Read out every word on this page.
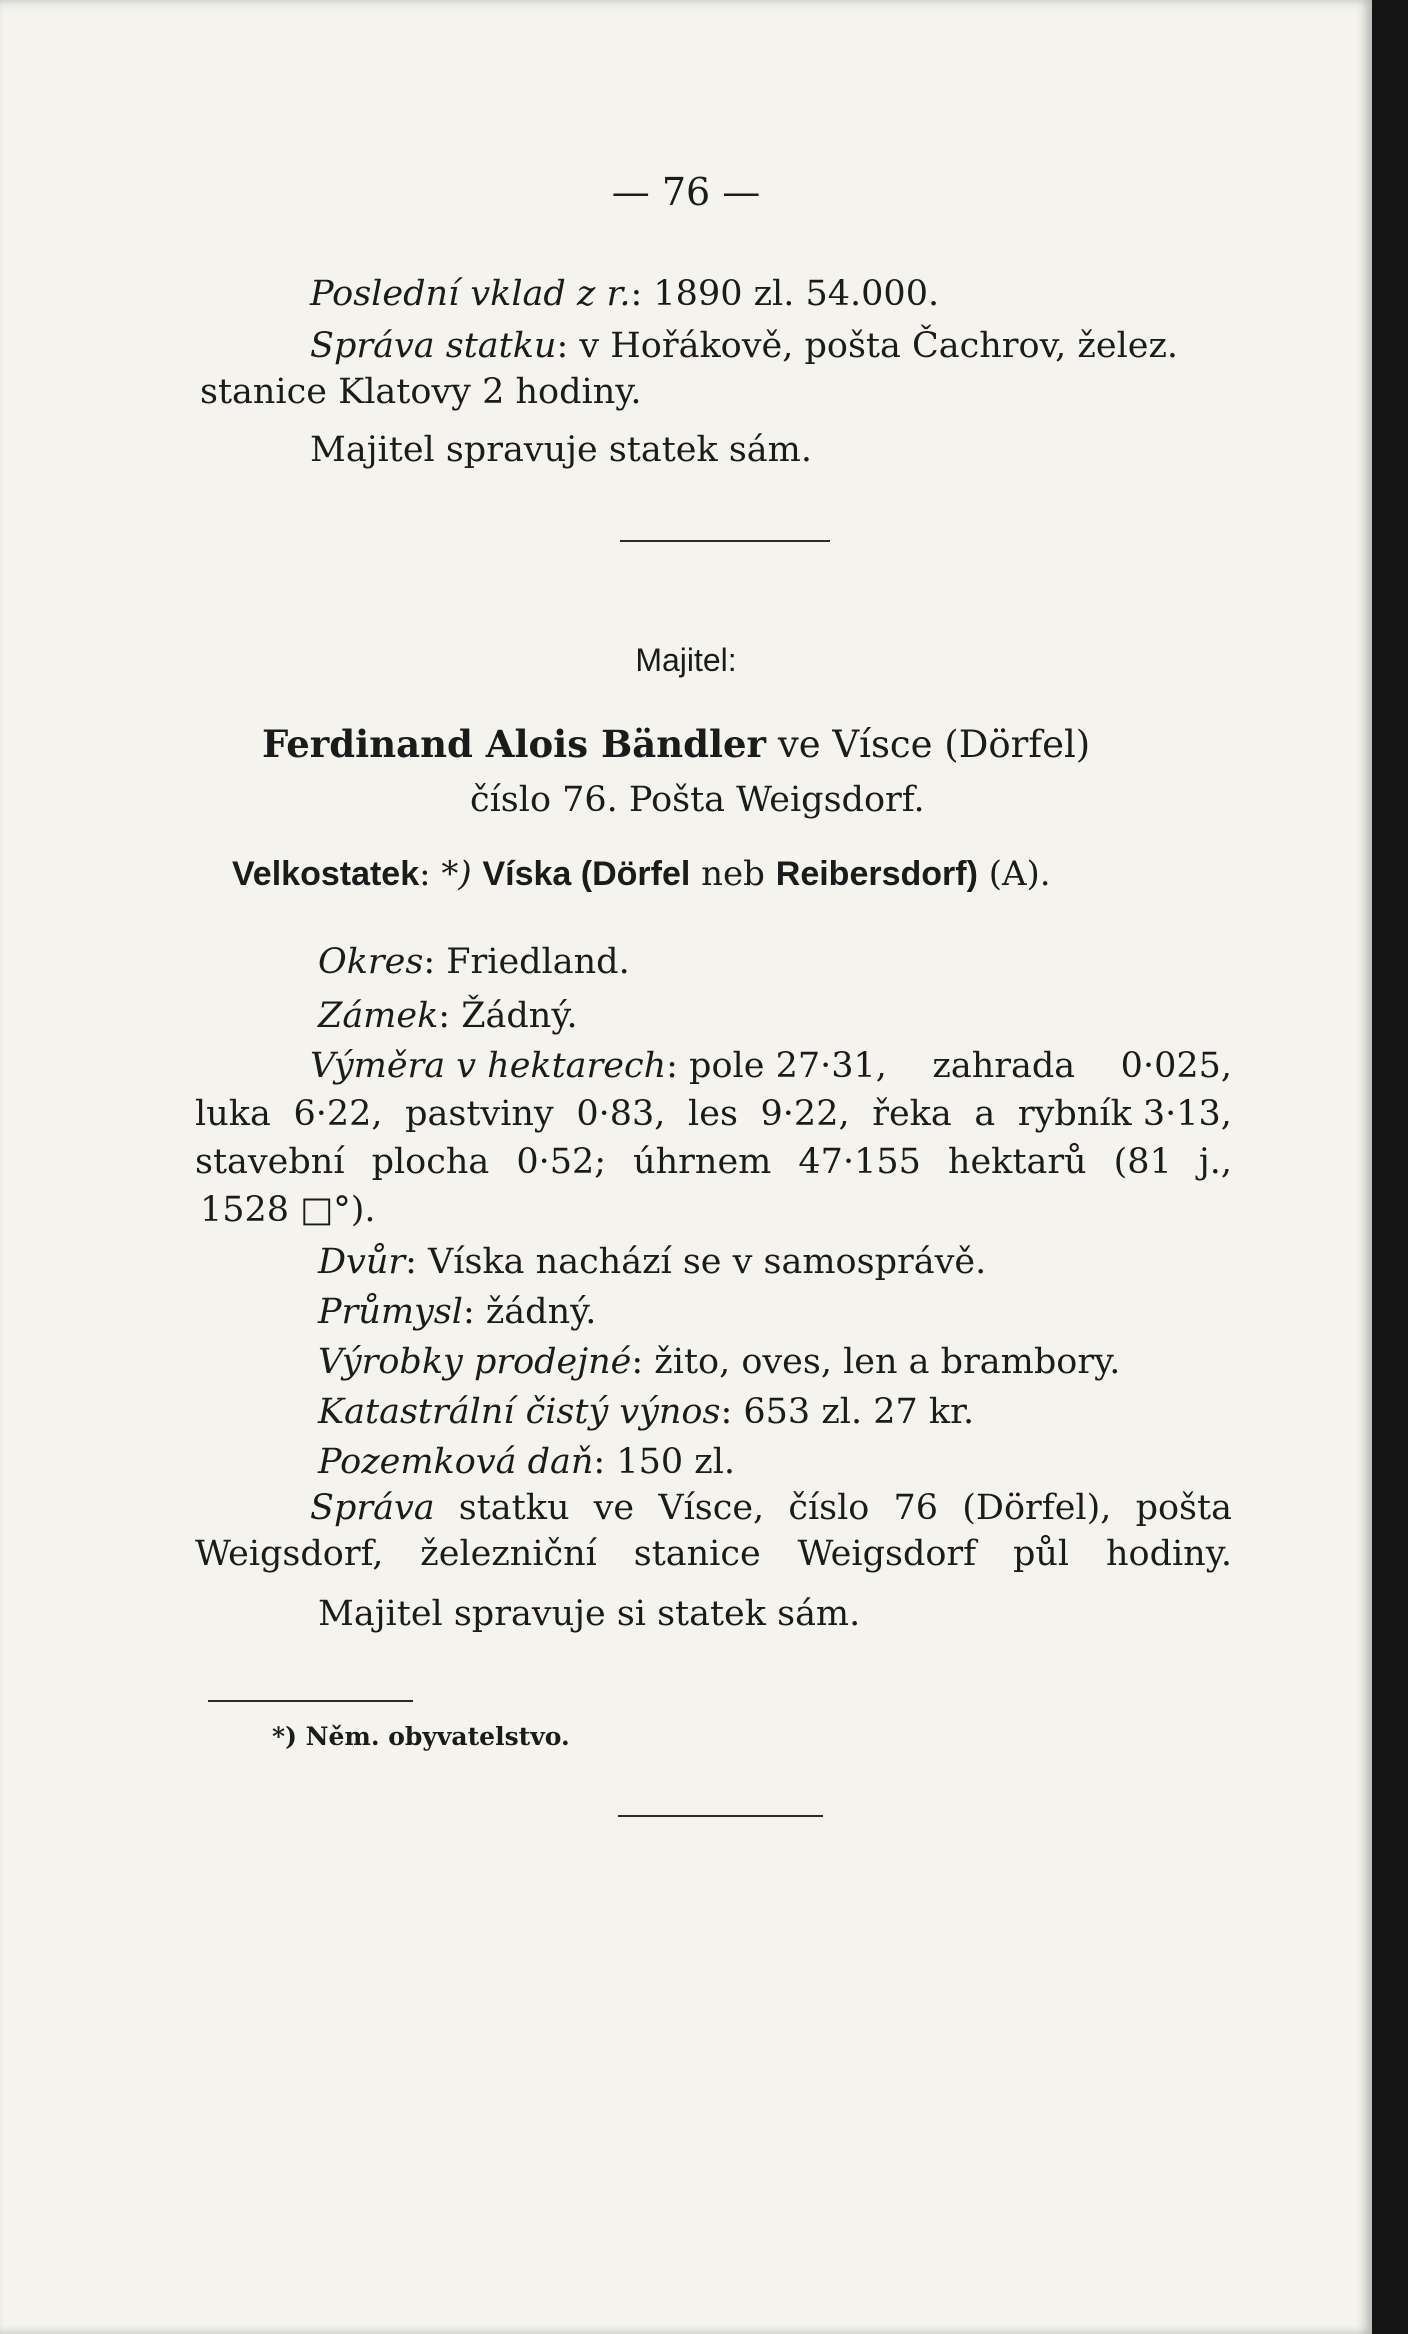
— 76 —
Poslední vklad z r.: 1890 zl. 54.000.
Správa statku: v Hořákově, pošta Čachrov, želez.
stanice Klatovy 2 hodiny.
Majitel spravuje statek sám.
Majitel:
Ferdinand Alois Bändler ve Vísce (Dörfel)
číslo 76. Pošta Weigsdorf.
Velkostatek: *) Víska (Dörfel neb Reibersdorf) (A).
Okres: Friedland.
Zámek: Žádný.
Výměra v hektarech: pole 27·31, zahrada 0·025,
luka 6·22, pastviny 0·83, les 9·22, řeka a rybník 3·13,
stavební plocha 0·52; úhrnem 47·155 hektarů (81 j.,
1528 □°).
Dvůr: Víska nachází se v samosprávě.
Průmysl: žádný.
Výrobky prodejné: žito, oves, len a brambory.
Katastrální čistý výnos: 653 zl. 27 kr.
Pozemková daň: 150 zl.
Správa statku ve Vísce, číslo 76 (Dörfel), pošta
Weigsdorf, železniční stanice Weigsdorf půl hodiny.
Majitel spravuje si statek sám.
*) Něm. obyvatelstvo.
